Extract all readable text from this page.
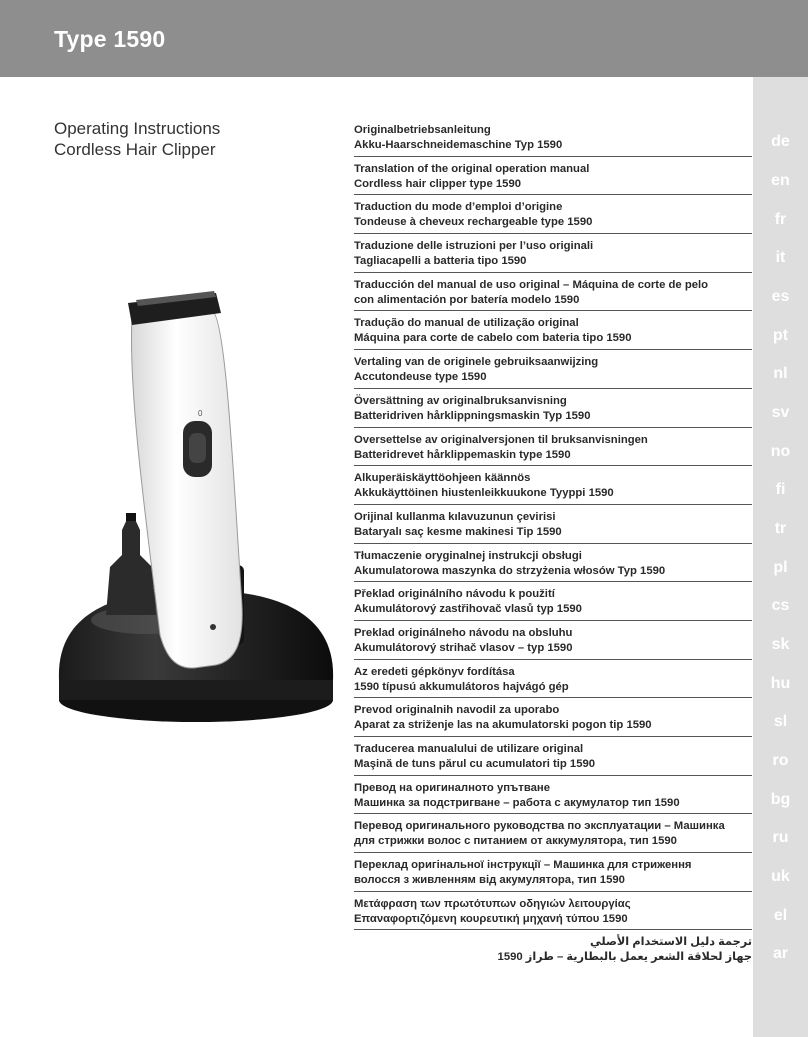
Type 1590
de
en
fr
it
es
pt
nl
sv
no
fi
tr
pl
cs
sk
hu
sl
ro
bg
ru
uk
el
ar
Operating Instructions
Cordless Hair Clipper
Originalbetriebsanleitung
Akku-Haarschneidemaschine Typ 1590
Translation of the original operation manual
Cordless hair clipper type 1590
Traduction du mode d’emploi d’origine
Tondeuse à cheveux rechargeable type 1590
Traduzione delle istruzioni per l’uso originali
Tagliacapelli a batteria tipo 1590
Traducción del manual de uso original – Máquina de corte de pelo
con alimentación por batería modelo 1590
Tradução do manual de utilização original
Máquina para corte de cabelo com bateria tipo 1590
Vertaling van de originele gebruiksaanwijzing
Accutondeuse type 1590
Översättning av originalbruksanvisning
Batteridriven hårklippningsmaskin Typ 1590
Oversettelse av originalversjonen til bruksanvisningen
Batteridrevet hårklippemaskin type 1590
Alkuperäiskäyttöohjeen käännös
Akkukäyttöinen hiustenleikkuukone Tyyppi 1590
Orijinal kullanma kılavuzunun çevirisi
Bataryalı saç kesme makinesi Tip 1590
Tłumaczenie oryginalnej instrukcji obsługi
Akumulatorowa maszynka do strzyżenia włosów Typ 1590
Překlad originálního návodu k použití
Akumulátorový zastřihovač vlasů typ 1590
Preklad originálneho návodu na obsluhu
Akumulátorový strihač vlasov – typ 1590
Az eredeti gépkönyv fordítása
1590 típusú akkumulátoros hajvágó gép
Prevod originalnih navodil za uporabo
Aparat za striženje las na akumulatorski pogon tip 1590
Traducerea manualului de utilizare original
Maşină de tuns părul cu acumulatori tip 1590
Превод на оригиналното упътване
Машинка за подстригване – работа с акумулатор тип 1590
Перевод оригинального руководства по эксплуатации – Машинка
для стрижки волос с питанием от аккумулятора, тип 1590
Переклад оригінальної інструкції – Машинка для стриження
волосся з живленням від акумулятора, тип 1590
Μετάφραση των πρωτότυπων οδηγιών λειτουργίας
Επαναφορτιζόμενη κουρευτική μηχανή τύπου 1590
ترجمة دليل الاستخدام الأصلي
جهاز لحلاقة الشعر يعمل بالبطارية – طراز 1590
0
